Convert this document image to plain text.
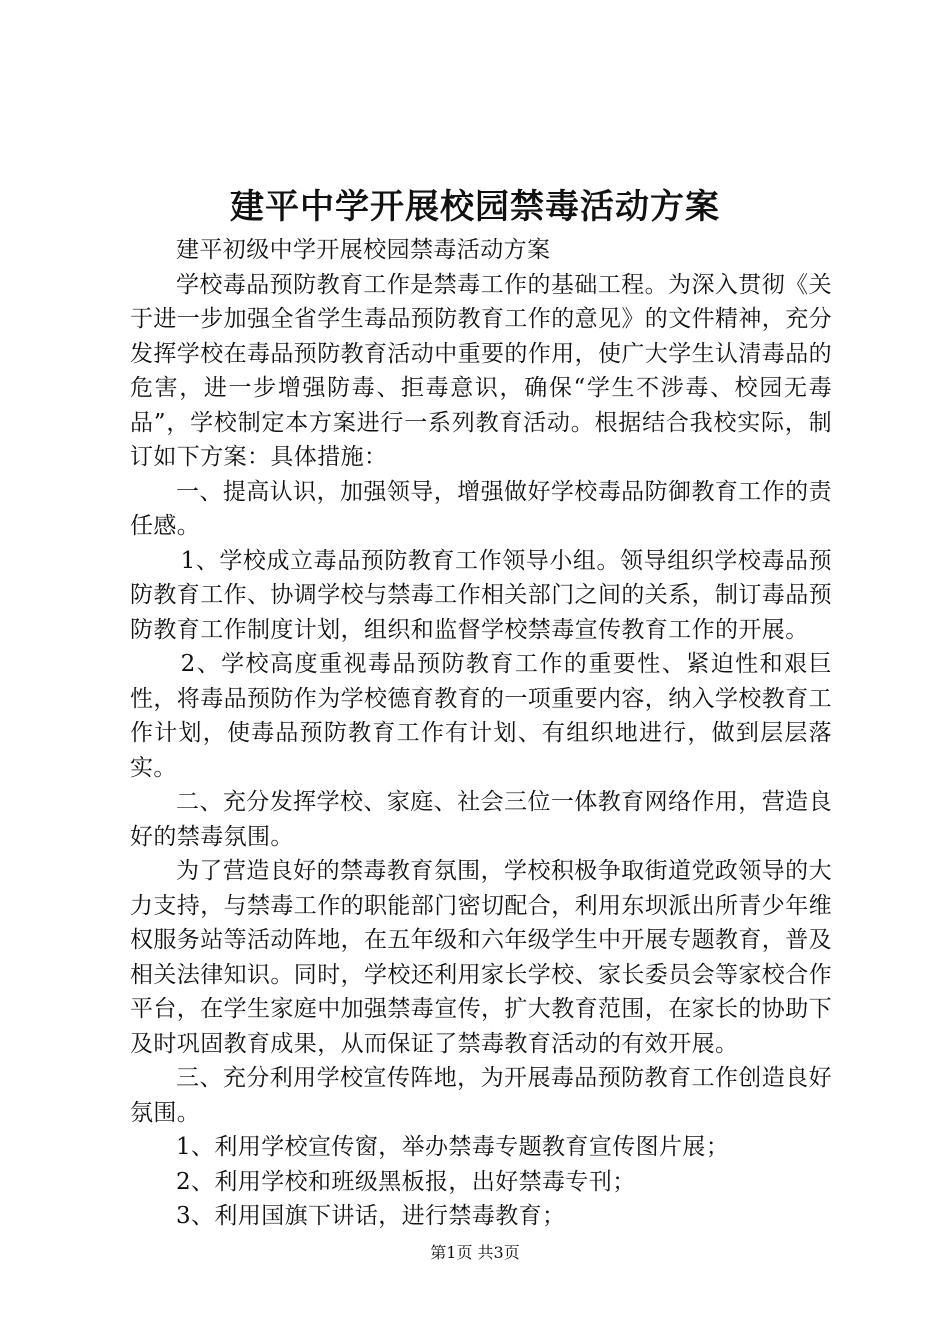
建平中学开展校园禁毒活动方案

建平初级中学开展校园禁毒活动方案

学校毒品预防教育工作是禁毒工作的基础工程。为深入贯彻《关于进一步加强全省学生毒品预防教育工作的意见》的文件精神，充分发挥学校在毒品预防教育活动中重要的作用，使广大学生认清毒品的危害，进一步增强防毒、拒毒意识，确保“学生不涉毒、校园无毒品”，学校制定本方案进行一系列教育活动。根据结合我校实际，制订如下方案：具体措施：

一、提高认识，加强领导，增强做好学校毒品防御教育工作的责任感。

1、学校成立毒品预防教育工作领导小组。领导组织学校毒品预防教育工作、协调学校与禁毒工作相关部门之间的关系，制订毒品预防教育工作制度计划，组织和监督学校禁毒宣传教育工作的开展。

2、学校高度重视毒品预防教育工作的重要性、紧迫性和艰巨性，将毒品预防作为学校德育教育的一项重要内容，纳入学校教育工作计划，使毒品预防教育工作有计划、有组织地进行，做到层层落实。

二、充分发挥学校、家庭、社会三位一体教育网络作用，营造良好的禁毒氛围。

为了营造良好的禁毒教育氛围，学校积极争取街道党政领导的大力支持，与禁毒工作的职能部门密切配合，利用东坝派出所青少年维权服务站等活动阵地，在五年级和六年级学生中开展专题教育，普及相关法律知识。同时，学校还利用家长学校、家长委员会等家校合作平台，在学生家庭中加强禁毒宣传，扩大教育范围，在家长的协助下及时巩固教育成果，从而保证了禁毒教育活动的有效开展。

三、充分利用学校宣传阵地，为开展毒品预防教育工作创造良好氛围。

1、利用学校宣传窗，举办禁毒专题教育宣传图片展；

2、利用学校和班级黑板报，出好禁毒专刊；

3、利用国旗下讲话，进行禁毒教育；

第1页 共3页
